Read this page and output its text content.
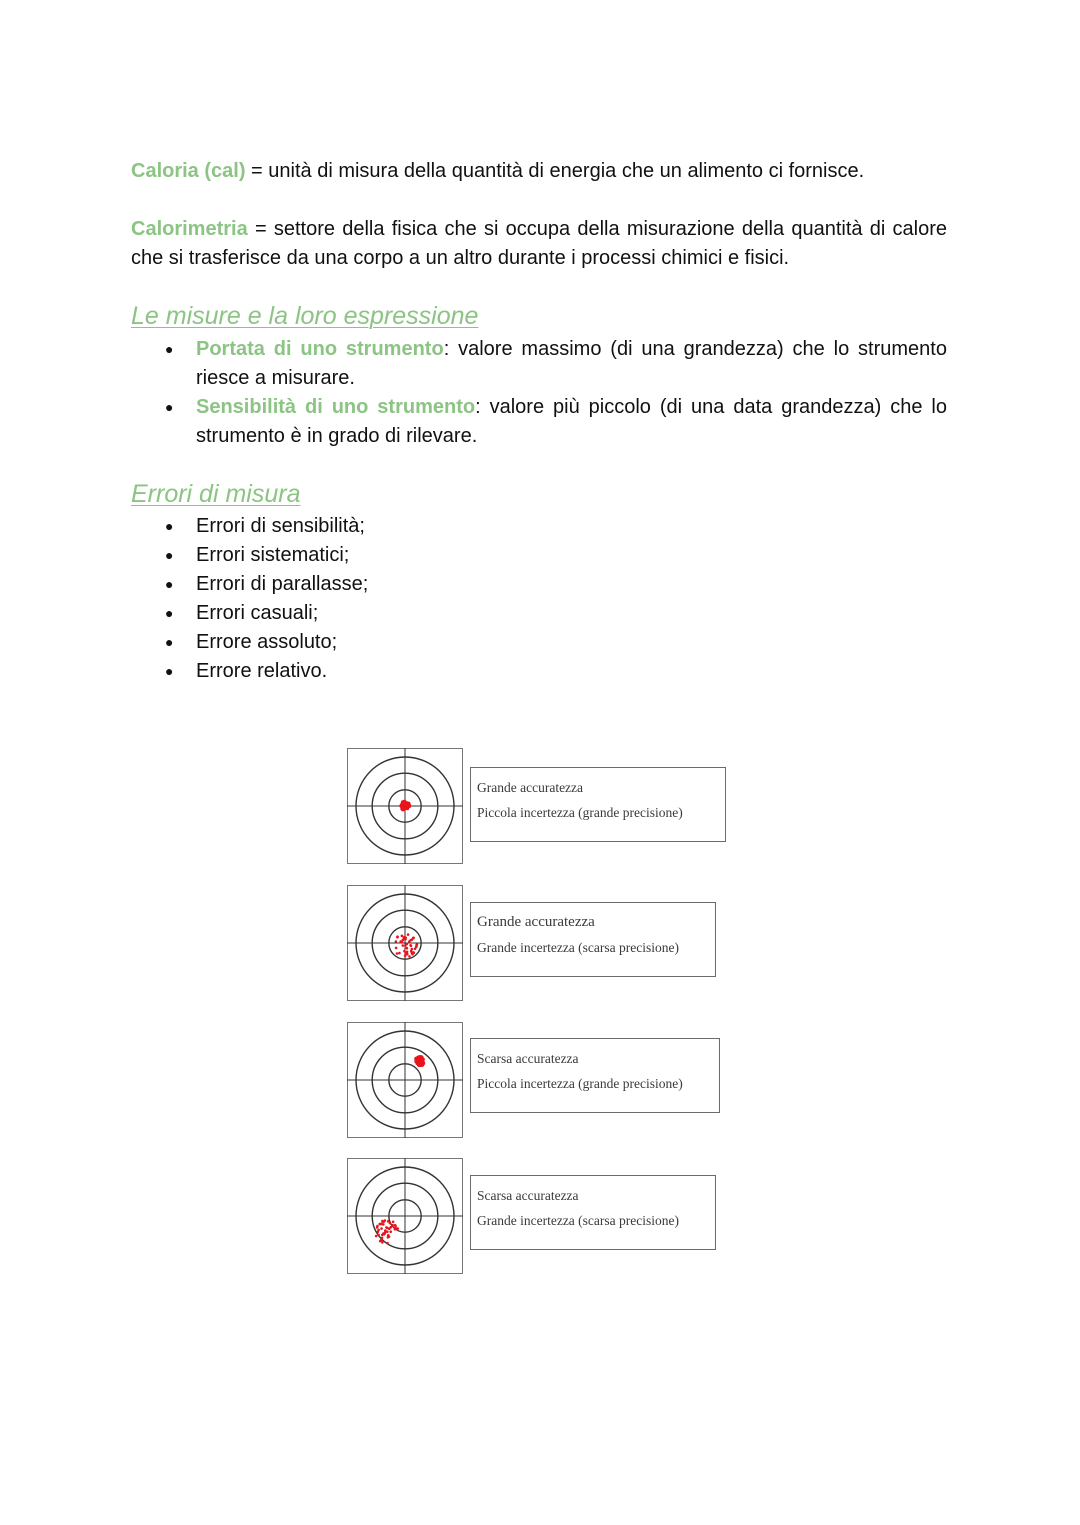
Caloria (cal) = unità di misura della quantità di energia che un alimento ci fornisce.

Calorimetria = settore della fisica che si occupa della misurazione della quantità di calore che si trasferisce da una corpo a un altro durante i processi chimici e fisici.

Le misure e la loro espressione
● Portata di uno strumento: valore massimo (di una grandezza) che lo strumento riesce a misurare.
● Sensibilità di uno strumento: valore più piccolo (di una data grandezza) che lo strumento è in grado di rilevare.
Errori di misura
● Errori di sensibilità;
● Errori sistematici;
● Errori di parallasse;
● Errori casuali;
● Errore assoluto;
● Errore relativo.
Grande accuratezza
Piccola incertezza (grande precisione)
Grande accuratezza
Grande incertezza (scarsa precisione)
Scarsa accuratezza
Piccola incertezza (grande precisione)
Scarsa accuratezza
Grande incertezza (scarsa precisione)
